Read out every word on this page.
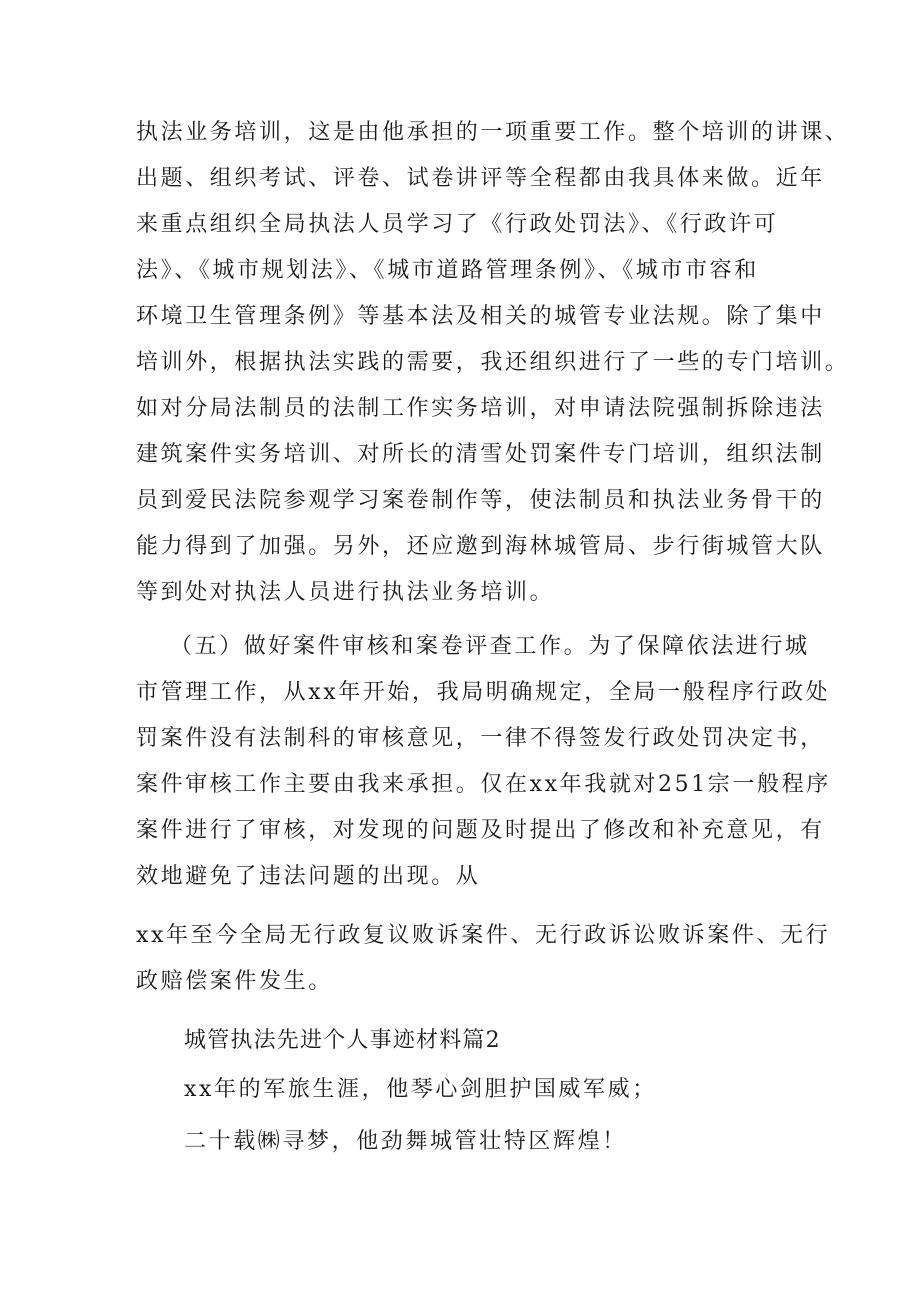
执法业务培训，这是由他承担的一项重要工作。整个培训的讲课、
出题、组织考试、评卷、试卷讲评等全程都由我具体来做。近年
来重点组织全局执法人员学习了《行政处罚法》、《行政许可
法》、《城市规划法》、《城市道路管理条例》、《城市市容和
环境卫生管理条例》等基本法及相关的城管专业法规。除了集中
培训外，根据执法实践的需要，我还组织进行了一些的专门培训。
如对分局法制员的法制工作实务培训，对申请法院强制拆除违法
建筑案件实务培训、对所长的清雪处罚案件专门培训，组织法制
员到爱民法院参观学习案卷制作等，使法制员和执法业务骨干的
能力得到了加强。另外，还应邀到海林城管局、步行街城管大队
等到处对执法人员进行执法业务培训。
（五）做好案件审核和案卷评查工作。为了保障依法进行城
市管理工作，从xx年开始，我局明确规定，全局一般程序行政处
罚案件没有法制科的审核意见，一律不得签发行政处罚决定书，
案件审核工作主要由我来承担。仅在xx年我就对251宗一般程序
案件进行了审核，对发现的问题及时提出了修改和补充意见，有
效地避免了违法问题的出现。从
xx年至今全局无行政复议败诉案件、无行政诉讼败诉案件、无行
政赔偿案件发生。
城管执法先进个人事迹材料篇2
xx年的军旅生涯，他琴心剑胆护国威军威；
二十载㈱寻梦，他劲舞城管壮特区辉煌！
